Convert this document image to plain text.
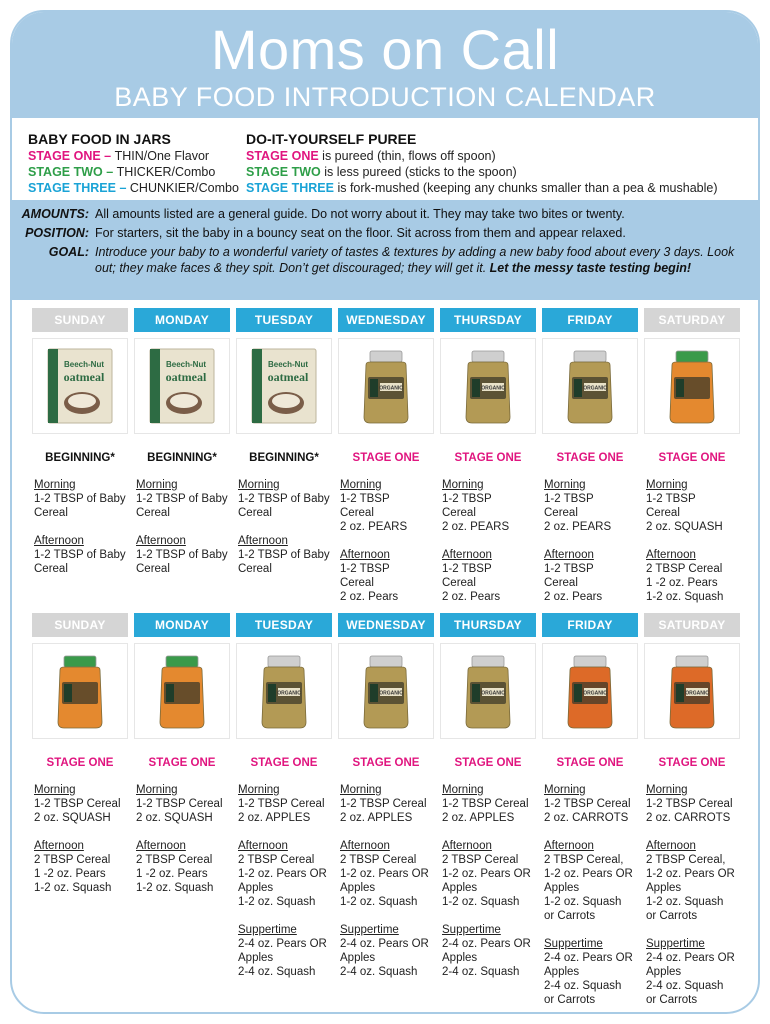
Moms on Call
BABY FOOD INTRODUCTION CALENDAR
BABY FOOD IN JARS
STAGE ONE – THIN/One Flavor
STAGE TWO – THICKER/Combo
STAGE THREE – CHUNKIER/Combo
DO-IT-YOURSELF PUREE
STAGE ONE is pureed (thin, flows off spoon)
STAGE TWO is less pureed (sticks to the spoon)
STAGE THREE is fork-mushed (keeping any chunks smaller than a pea & mushable)
AMOUNTS: All amounts listed are a general guide. Do not worry about it. They may take two bites or twenty.
POSITION: For starters, sit the baby in a bouncy seat on the floor. Sit across from them and appear relaxed.
GOAL: Introduce your baby to a wonderful variety of tastes & textures by adding a new baby food about every 3 days. Look out; they make faces & they spit. Don’t get discouraged; they will get it. Let the messy taste testing begin!
SUNDAY
Beech-Nut
oatmeal
BEGINNING*
Morning
1-2 TBSP of Baby
Cereal
Afternoon
1-2 TBSP of Baby
Cereal
MONDAY
Beech-Nut
oatmeal
BEGINNING*
Morning
1-2 TBSP of Baby
Cereal
Afternoon
1-2 TBSP of Baby
Cereal
TUESDAY
Beech-Nut
oatmeal
BEGINNING*
Morning
1-2 TBSP of Baby
Cereal
Afternoon
1-2 TBSP of Baby
Cereal
WEDNESDAY
ORGANIC
STAGE ONE
Morning
1-2 TBSP
Cereal
2 oz. PEARS
Afternoon
1-2 TBSP
Cereal
2 oz. Pears
THURSDAY
ORGANIC
STAGE ONE
Morning
1-2 TBSP
Cereal
2 oz. PEARS
Afternoon
1-2 TBSP
Cereal
2 oz. Pears
FRIDAY
ORGANIC
STAGE ONE
Morning
1-2 TBSP
Cereal
2 oz. PEARS
Afternoon
1-2 TBSP
Cereal
2 oz. Pears
SATURDAY
STAGE ONE
Morning
1-2 TBSP
Cereal
2 oz. SQUASH
Afternoon
2 TBSP Cereal
1 -2 oz. Pears
1-2 oz. Squash
SUNDAY
STAGE ONE
Morning
1-2 TBSP Cereal
2 oz. SQUASH
Afternoon
2 TBSP Cereal
1 -2 oz. Pears
1-2 oz. Squash
MONDAY
STAGE ONE
Morning
1-2 TBSP Cereal
2 oz. SQUASH
Afternoon
2 TBSP Cereal
1 -2 oz. Pears
1-2 oz. Squash
TUESDAY
ORGANIC
STAGE ONE
Morning
1-2 TBSP Cereal
2 oz. APPLES
Afternoon
2 TBSP Cereal
1-2 oz. Pears OR
Apples
1-2 oz. Squash
Suppertime
2-4 oz. Pears OR
Apples
2-4 oz. Squash
WEDNESDAY
ORGANIC
STAGE ONE
Morning
1-2 TBSP Cereal
2 oz. APPLES
Afternoon
2 TBSP Cereal
1-2 oz. Pears OR
Apples
1-2 oz. Squash
Suppertime
2-4 oz. Pears OR
Apples
2-4 oz. Squash
THURSDAY
ORGANIC
STAGE ONE
Morning
1-2 TBSP Cereal
2 oz. APPLES
Afternoon
2 TBSP Cereal
1-2 oz. Pears OR
Apples
1-2 oz. Squash
Suppertime
2-4 oz. Pears OR
Apples
2-4 oz. Squash
FRIDAY
ORGANIC
STAGE ONE
Morning
1-2 TBSP Cereal
2 oz. CARROTS
Afternoon
2 TBSP Cereal,
1-2 oz. Pears OR
Apples
1-2 oz. Squash
or Carrots
Suppertime
2-4 oz. Pears OR
Apples
2-4 oz. Squash
or Carrots
SATURDAY
ORGANIC
STAGE ONE
Morning
1-2 TBSP Cereal
2 oz. CARROTS
Afternoon
2 TBSP Cereal,
1-2 oz. Pears OR
Apples
1-2 oz. Squash
or Carrots
Suppertime
2-4 oz. Pears OR
Apples
2-4 oz. Squash
or Carrots
